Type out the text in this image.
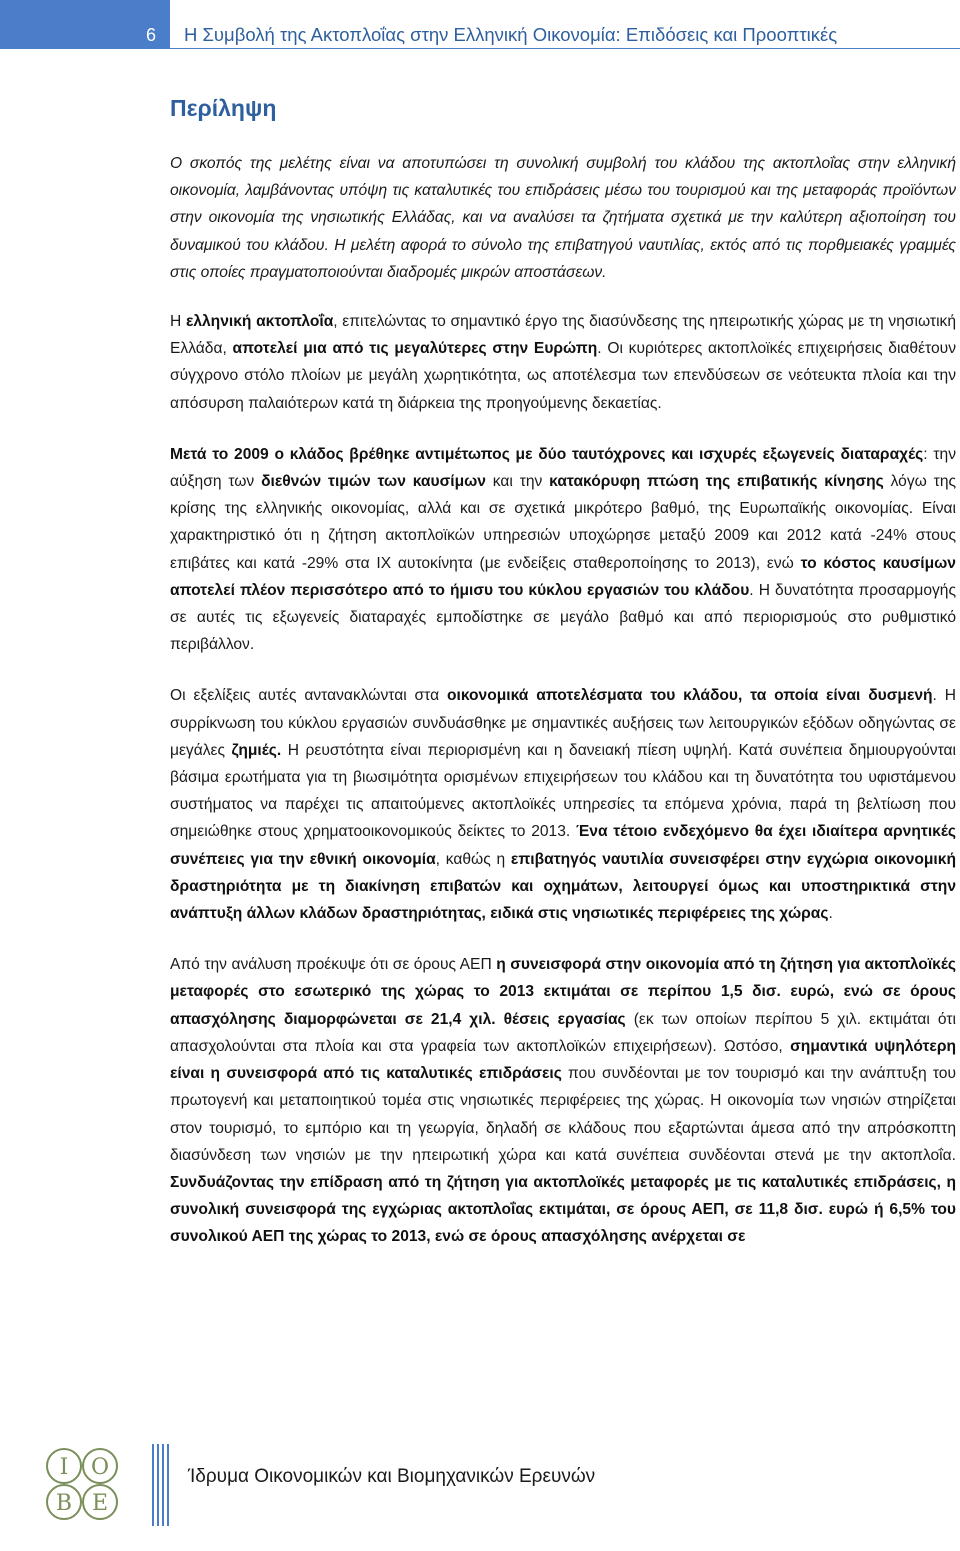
6 Η Συμβολή της Ακτοπλοΐας στην Ελληνική Οικονομία: Επιδόσεις και Προοπτικές
Περίληψη

Ο σκοπός της μελέτης είναι να αποτυπώσει τη συνολική συμβολή του κλάδου της ακτοπλοΐας στην ελληνική οικονομία, λαμβάνοντας υπόψη τις καταλυτικές του επιδράσεις μέσω του τουρισμού και της μεταφοράς προϊόντων στην οικονομία της νησιωτικής Ελλάδας, και να αναλύσει τα ζητήματα σχετικά με την καλύτερη αξιοποίηση του δυναμικού του κλάδου. Η μελέτη αφορά το σύνολο της επιβατηγού ναυτιλίας, εκτός από τις πορθμειακές γραμμές στις οποίες πραγματοποιούνται διαδρομές μικρών αποστάσεων.

Η ελληνική ακτοπλοΐα, επιτελώντας το σημαντικό έργο της διασύνδεσης της ηπειρωτικής χώρας με τη νησιωτική Ελλάδα, αποτελεί μια από τις μεγαλύτερες στην Ευρώπη. Οι κυριότερες ακτοπλοϊκές επιχειρήσεις διαθέτουν σύγχρονο στόλο πλοίων με μεγάλη χωρητικότητα, ως αποτέλεσμα των επενδύσεων σε νεότευκτα πλοία και την απόσυρση παλαιότερων κατά τη διάρκεια της προηγούμενης δεκαετίας.

Μετά το 2009 ο κλάδος βρέθηκε αντιμέτωπος με δύο ταυτόχρονες και ισχυρές εξωγενείς διαταραχές: την αύξηση των διεθνών τιμών των καυσίμων και την κατακόρυφη πτώση της επιβατικής κίνησης λόγω της κρίσης της ελληνικής οικονομίας, αλλά και σε σχετικά μικρότερο βαθμό, της Ευρωπαϊκής οικονομίας. Είναι χαρακτηριστικό ότι η ζήτηση ακτοπλοϊκών υπηρεσιών υποχώρησε μεταξύ 2009 και 2012 κατά -24% στους επιβάτες και κατά -29% στα ΙΧ αυτοκίνητα (με ενδείξεις σταθεροποίησης το 2013), ενώ το κόστος καυσίμων αποτελεί πλέον περισσότερο από το ήμισυ του κύκλου εργασιών του κλάδου. Η δυνατότητα προσαρμογής σε αυτές τις εξωγενείς διαταραχές εμποδίστηκε σε μεγάλο βαθμό και από περιορισμούς στο ρυθμιστικό περιβάλλον.

Οι εξελίξεις αυτές αντανακλώνται στα οικονομικά αποτελέσματα του κλάδου, τα οποία είναι δυσμενή. Η συρρίκνωση του κύκλου εργασιών συνδυάσθηκε με σημαντικές αυξήσεις των λειτουργικών εξόδων οδηγώντας σε μεγάλες ζημιές. Η ρευστότητα είναι περιορισμένη και η δανειακή πίεση υψηλή. Κατά συνέπεια δημιουργούνται βάσιμα ερωτήματα για τη βιωσιμότητα ορισμένων επιχειρήσεων του κλάδου και τη δυνατότητα του υφιστάμενου συστήματος να παρέχει τις απαιτούμενες ακτοπλοϊκές υπηρεσίες τα επόμενα χρόνια, παρά τη βελτίωση που σημειώθηκε στους χρηματοοικονομικούς δείκτες το 2013. Ένα τέτοιο ενδεχόμενο θα έχει ιδιαίτερα αρνητικές συνέπειες για την εθνική οικονομία, καθώς η επιβατηγός ναυτιλία συνεισφέρει στην εγχώρια οικονομική δραστηριότητα με τη διακίνηση επιβατών και οχημάτων, λειτουργεί όμως και υποστηρικτικά στην ανάπτυξη άλλων κλάδων δραστηριότητας, ειδικά στις νησιωτικές περιφέρειες της χώρας.

Από την ανάλυση προέκυψε ότι σε όρους ΑΕΠ η συνεισφορά στην οικονομία από τη ζήτηση για ακτοπλοϊκές μεταφορές στο εσωτερικό της χώρας το 2013 εκτιμάται σε περίπου 1,5 δισ. ευρώ, ενώ σε όρους απασχόλησης διαμορφώνεται σε 21,4 χιλ. θέσεις εργασίας (εκ των οποίων περίπου 5 χιλ. εκτιμάται ότι απασχολούνται στα πλοία και στα γραφεία των ακτοπλοϊκών επιχειρήσεων). Ωστόσο, σημαντικά υψηλότερη είναι η συνεισφορά από τις καταλυτικές επιδράσεις που συνδέονται με τον τουρισμό και την ανάπτυξη του πρωτογενή και μεταποιητικού τομέα στις νησιωτικές περιφέρειες της χώρας. Η οικονομία των νησιών στηρίζεται στον τουρισμό, το εμπόριο και τη γεωργία, δηλαδή σε κλάδους που εξαρτώνται άμεσα από την απρόσκοπτη διασύνδεση των νησιών με την ηπειρωτική χώρα και κατά συνέπεια συνδέονται στενά με την ακτοπλοΐα. Συνδυάζοντας την επίδραση από τη ζήτηση για ακτοπλοϊκές μεταφορές με τις καταλυτικές επιδράσεις, η συνολική συνεισφορά της εγχώριας ακτοπλοΐας εκτιμάται, σε όρους ΑΕΠ, σε 11,8 δισ. ευρώ ή 6,5% του συνολικού ΑΕΠ της χώρας το 2013, ενώ σε όρους απασχόλησης ανέρχεται σε

Ι Ο
Β Ε
Ίδρυμα Οικονομικών και Βιομηχανικών Ερευνών
